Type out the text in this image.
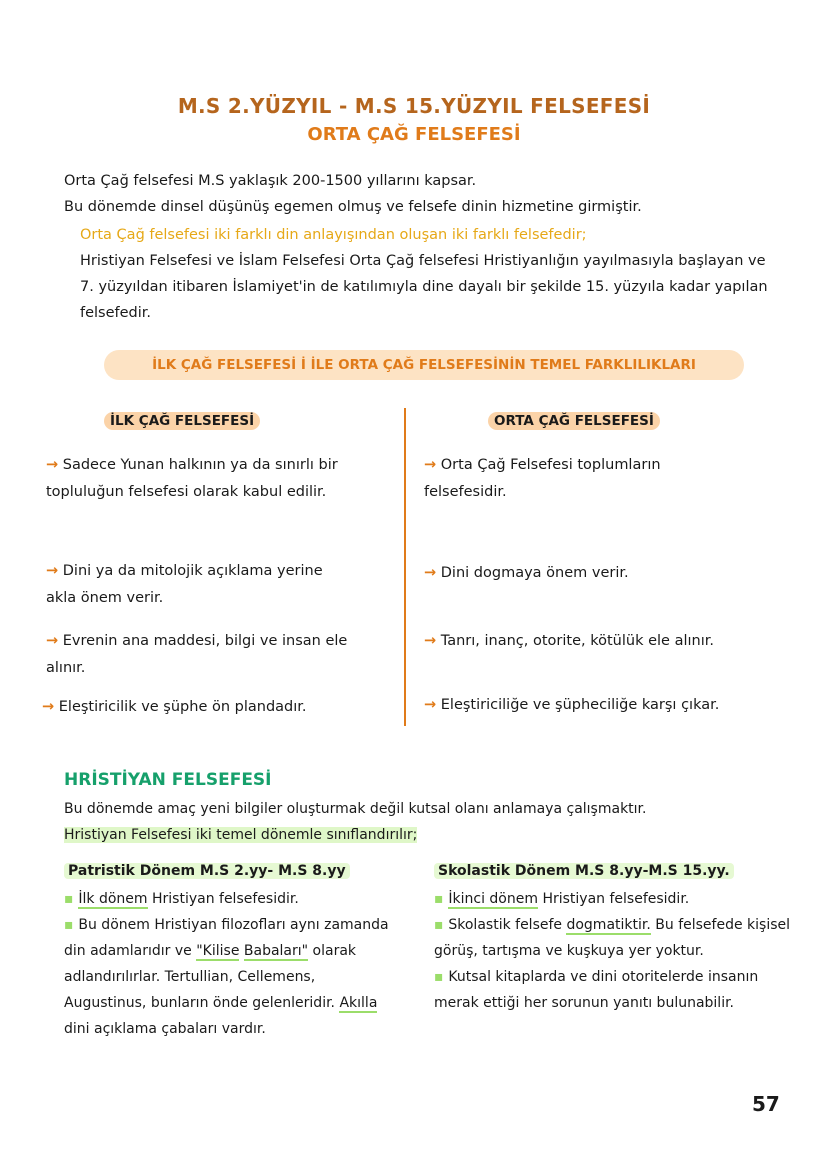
M.S 2.YÜZYIL - M.S 15.YÜZYIL FELSEFESİ
ORTA ÇAĞ FELSEFESİ
Orta Çağ felsefesi M.S yaklaşık 200-1500 yıllarını kapsar.
Bu dönemde dinsel düşünüş egemen olmuş ve felsefe dinin hizmetine girmiştir.
Orta Çağ felsefesi iki farklı din anlayışından oluşan iki farklı felsefedir;
Hristiyan Felsefesi ve İslam Felsefesi Orta Çağ felsefesi Hristiyanlığın yayılmasıyla başlayan ve 7. yüzyıldan itibaren İslamiyet'in de katılımıyla dine dayalı bir şekilde 15. yüzyıla kadar yapılan felsefedir.
İLK ÇAĞ FELSEFESİ İ İLE ORTA ÇAĞ FELSEFESİNİN TEMEL FARKLILIKLARI
İLK ÇAĞ FELSEFESİ	ORTA ÇAĞ FELSEFESİ
→ Sadece Yunan halkının ya da sınırlı bir topluluğun felsefesi olarak kabul edilir.
→ Dini ya da mitolojik açıklama yerine akla önem verir.
→ Evrenin ana maddesi, bilgi ve insan ele alınır.
→ Eleştiricilik ve şüphe ön plandadır.
→ Orta Çağ Felsefesi toplumların felsefesidir.
→ Dini dogmaya önem verir.
→ Tanrı, inanç, otorite, kötülük ele alınır.
→ Eleştiriciliğe ve şüpheciliğe karşı çıkar.
HRİSTİYAN FELSEFESİ
Bu dönemde amaç yeni bilgiler oluşturmak değil kutsal olanı anlamaya çalışmaktır.
Hristiyan Felsefesi iki temel dönemle sınıflandırılır;
Patristik Dönem M.S 2.yy- M.S 8.yy
▪ İlk dönem Hristiyan felsefesidir.
▪ Bu dönem Hristiyan filozofları aynı zamanda din adamlarıdır ve "Kilise Babaları" olarak adlandırılırlar. Tertullian, Cellemens, Augustinus, bunların önde gelenleridir. Akılla dini açıklama çabaları vardır.
Skolastik Dönem M.S 8.yy-M.S 15.yy.
▪ İkinci dönem Hristiyan felsefesidir.
▪ Skolastik felsefe dogmatiktir. Bu felsefede kişisel görüş, tartışma ve kuşkuya yer yoktur.
▪ Kutsal kitaplarda ve dini otoritelerde insanın merak ettiği her sorunun yanıtı bulunabilir.
57
